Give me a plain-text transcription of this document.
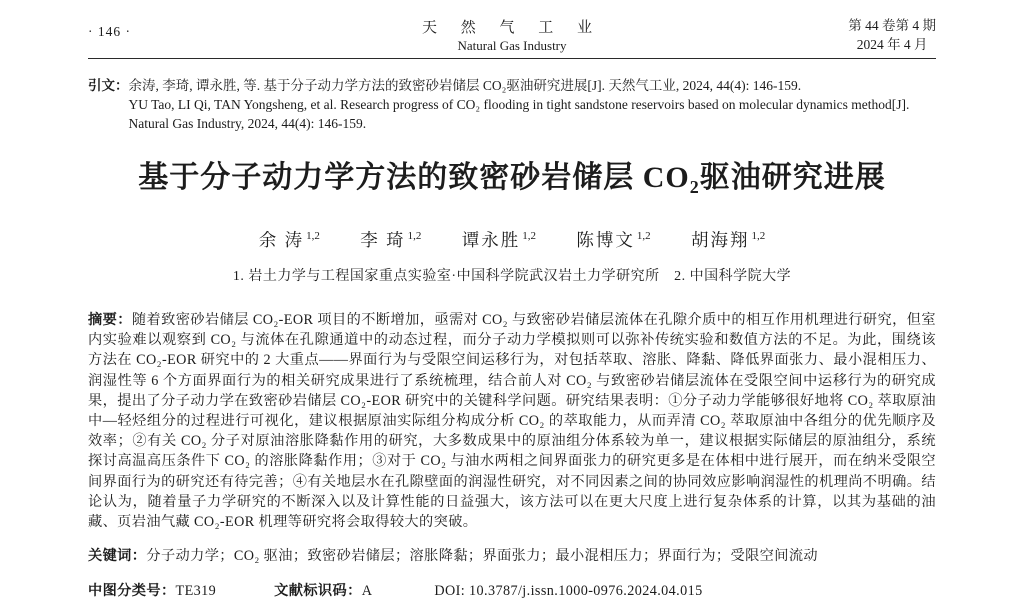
· 146 ·	天 然 气 工 业
Natural Gas Industry
第 44 卷第 4 期
2024 年 4 月
引文： 余涛, 李琦, 谭永胜, 等. 基于分子动力学方法的致密砂岩储层 CO₂驱油研究进展[J]. 天然气工业, 2024, 44(4): 146-159.

YU Tao, LI Qi, TAN Yongsheng, et al. Research progress of CO₂ flooding in tight sandstone reservoirs based on molecular dynamics method[J]. Natural Gas Industry, 2024, 44(4): 146-159.

基于分子动力学方法的致密砂岩储层 CO₂驱油研究进展
余 涛 $^{1,2}$ 李 琦 $^{1,2}$ 谭永胜 $^{1,2}$ 陈博文 $^{1,2}$ 胡海翔 $^{1,2}$
1. 岩土力学与工程国家重点实验室·中国科学院武汉岩土力学研究所　2. 中国科学院大学

摘要：随着致密砂岩储层 CO₂-EOR 项目的不断增加，亟需对 CO₂ 与致密砂岩储层流体在孔隙介质中的相互作用机理进行研究，但室内实验难以观察到 CO₂ 与流体在孔隙通道中的动态过程，而分子动力学模拟则可以弥补传统实验和数值方法的不足。为此，围绕该方法在 CO₂-EOR 研究中的 2 大重点——界面行为与受限空间运移行为，对包括萃取、溶胀、降黏、降低界面张力、最小混相压力、润湿性等 6 个方面界面行为的相关研究成果进行了系统梳理，结合前人对 CO₂ 与致密砂岩储层流体在受限空间中运移行为的研究成果，提出了分子动力学在致密砂岩储层 CO₂-EOR 研究中的关键科学问题。研究结果表明：①分子动力学能够很好地将 CO₂ 萃取原油中—轻烃组分的过程进行可视化，建议根据原油实际组分构成分析 CO₂ 的萃取能力，从而弄清 CO₂ 萃取原油中各组分的优先顺序及效率；②有关 CO₂ 分子对原油溶胀降黏作用的研究，大多数成果中的原油组分体系较为单一，建议根据实际储层的原油组分，系统探讨高温高压条件下 CO₂ 的溶胀降黏作用；③对于 CO₂ 与油水两相之间界面张力的研究更多是在体相中进行展开，而在纳米受限空间界面行为的研究还有待完善；④有关地层水在孔隙壁面的润湿性研究，对不同因素之间的协同效应影响润湿性的机理尚不明确。结论认为，随着量子力学研究的不断深入以及计算性能的日益强大，该方法可以在更大尺度上进行复杂体系的计算，以其为基础的油藏、页岩油气藏 CO₂-EOR 机理等研究将会取得较大的突破。

关键词：分子动力学；CO₂ 驱油；致密砂岩储层；溶胀降黏；界面张力；最小混相压力；界面行为；受限空间流动

中图分类号：TE319	文献标识码：A	DOI: 10.3787/j.issn.1000-0976.2024.04.015
